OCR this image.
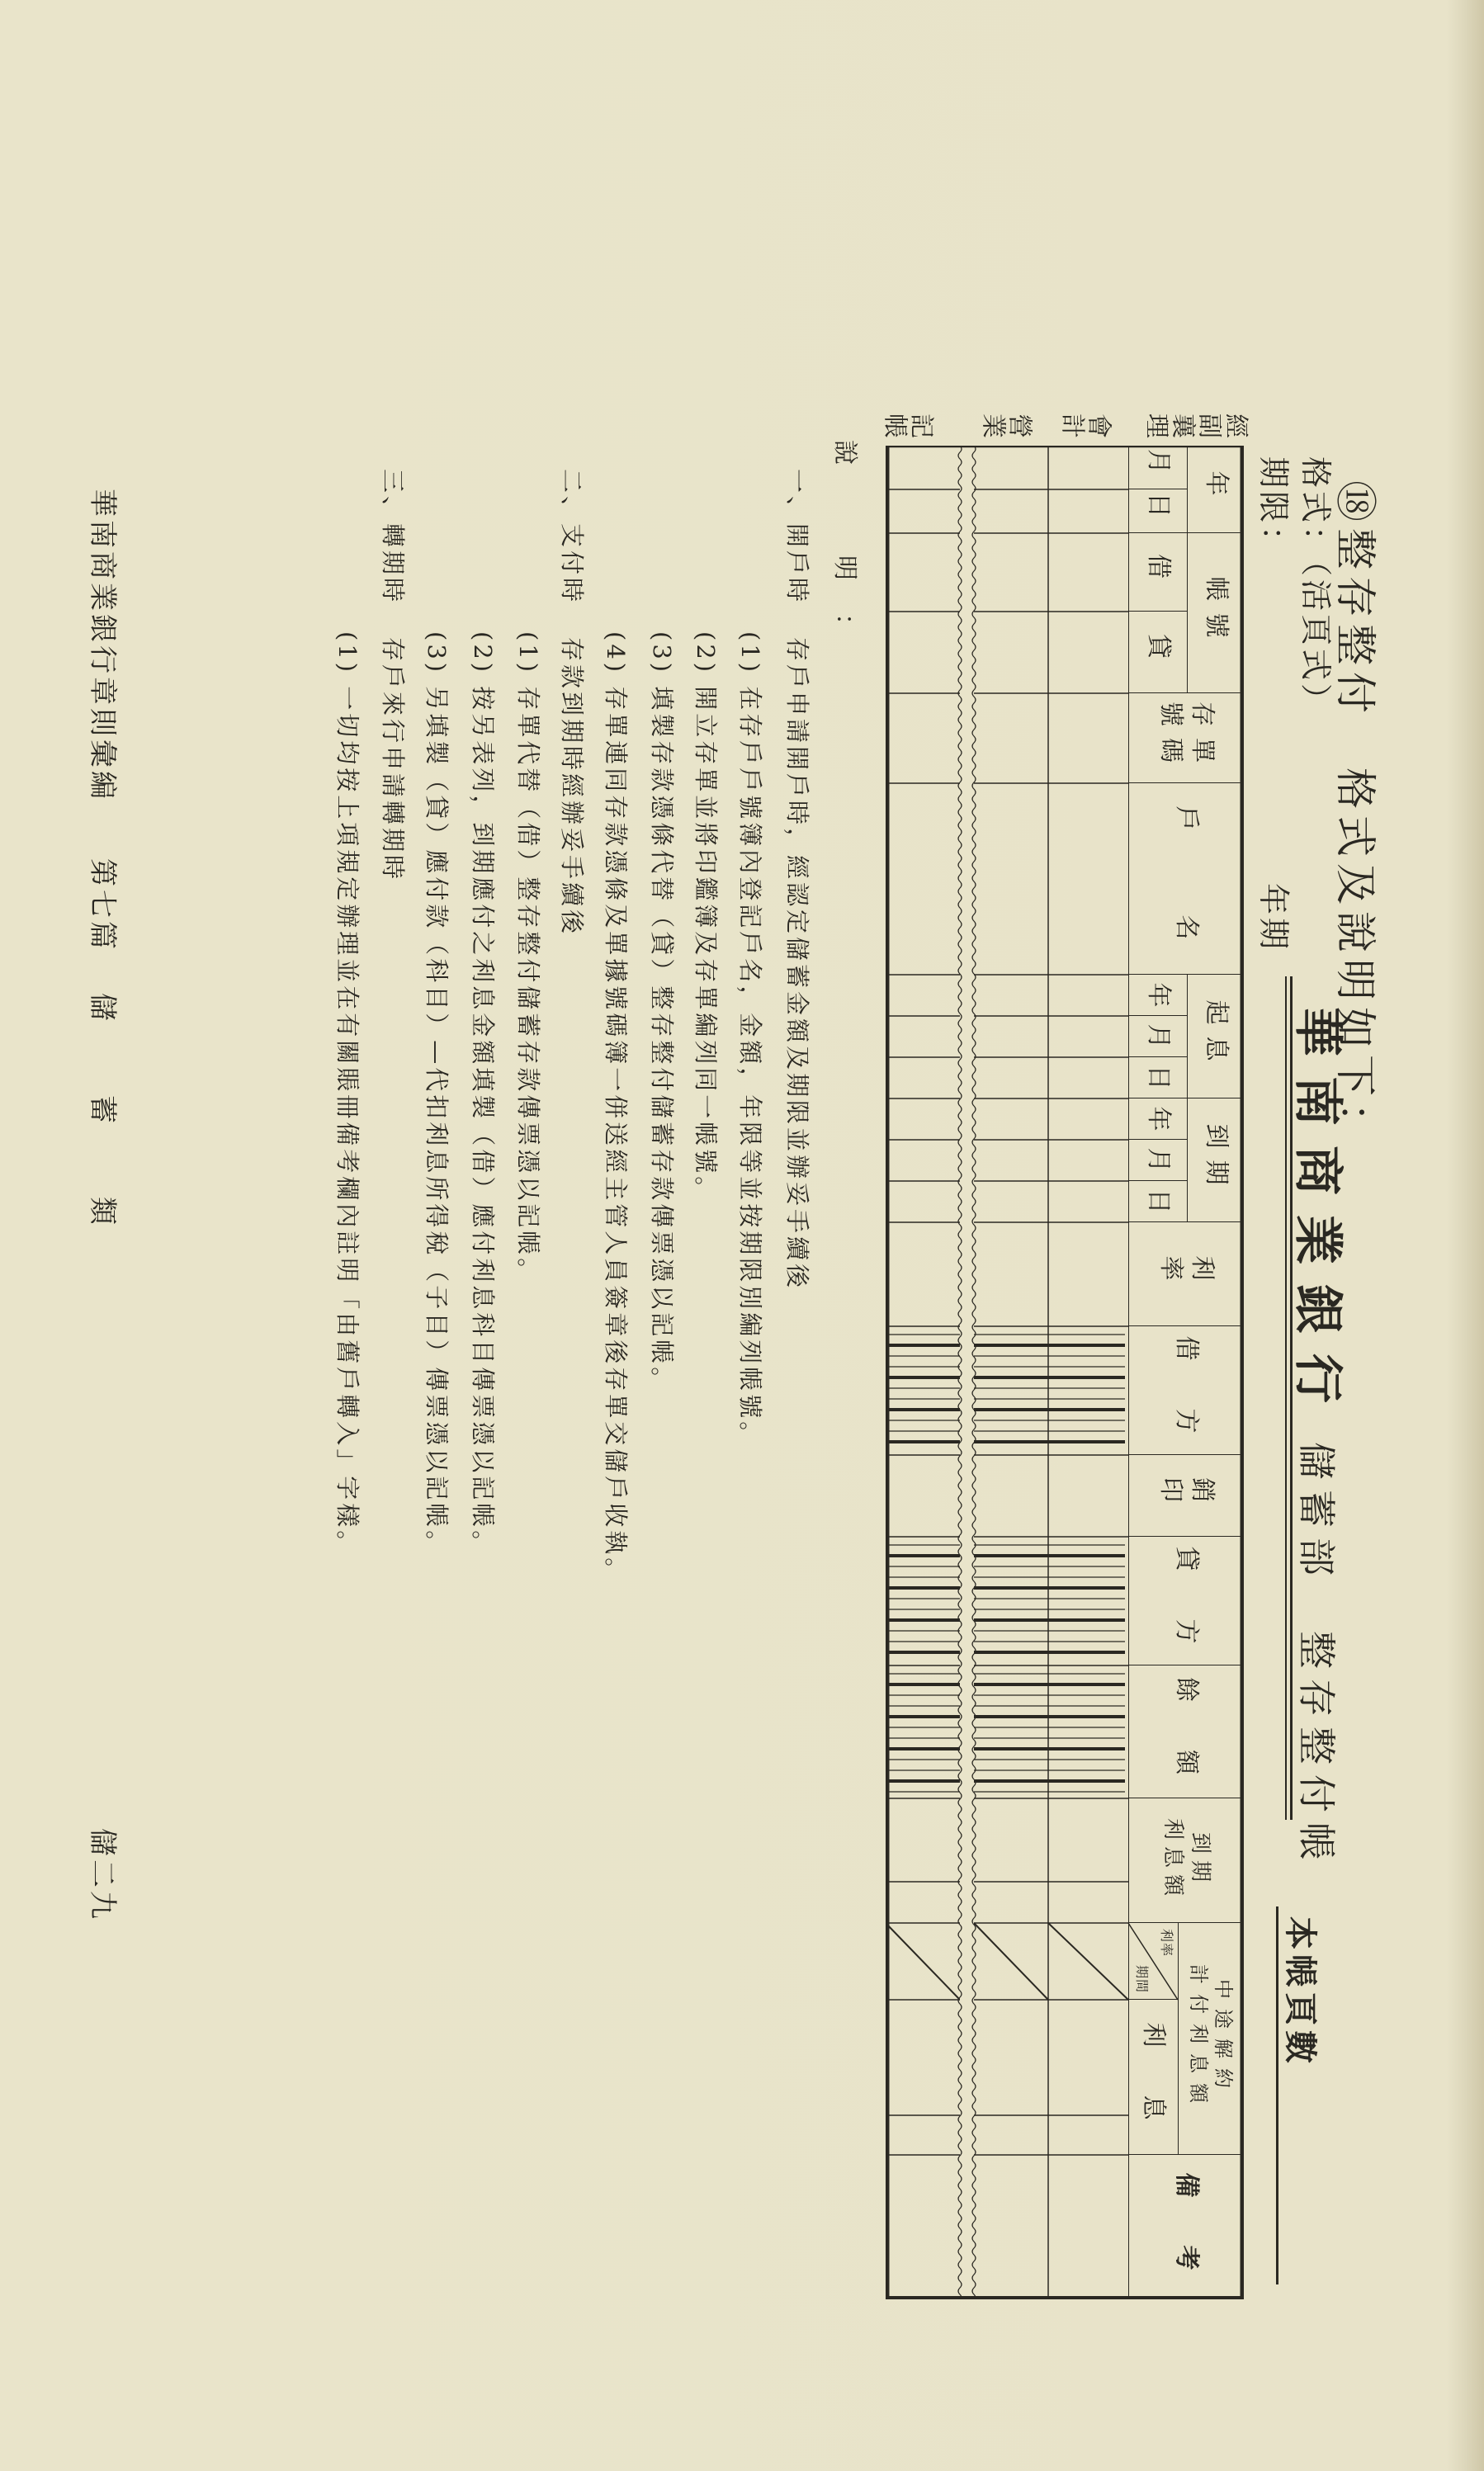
⑱整存整付 格式及說明如下：
格式：（活頁式）
期限：
年期
華南商業銀行
儲蓄部
整存整付帳
本帳頁數
經副襄理
會計
營業
記帳
年
月
日
帳號
借
貸
存單
號碼
戶　　名
起息
年
月
日
到期
年
月
日
利
率
借　方
銷
印
貸　方
餘　額
到期
利息額
中途解約
計付利息額
利率
期間
利　息
備　考
說　明：
一、開戶時
存戶申請開戶時，經認定儲蓄金額及期限並辦妥手續後
(1) 在存戶戶號簿內登記戶名，金額，年限等並按期限別編列帳號。
(2) 開立存單並將印鑑簿及存單編列同一帳號。
(3) 填製存款憑條代替（貸）整存整付儲蓄存款傳票憑以記帳。
(4) 存單連同存款憑條及單據號碼簿一併送經主管人員簽章後存單交儲戶收執。
二、支付時
存款到期時經辦妥手續後
(1) 存單代替（借）整存整付儲蓄存款傳票憑以記帳。
(2) 按另表列，到期應付之利息金額填製（借）應付利息科目傳票憑以記帳。
(3) 另填製（貸）應付款（科目）—代扣利息所得稅（子目）傳票憑以記帳。
三、轉期時
存戶來行申請轉期時
(1) 一切均按上項規定辦理並在有關賬冊備考欄內註明「由舊戶轉入」字樣。
華南商業銀行章則彙編
第七篇
儲
蓄
類
儲二九
